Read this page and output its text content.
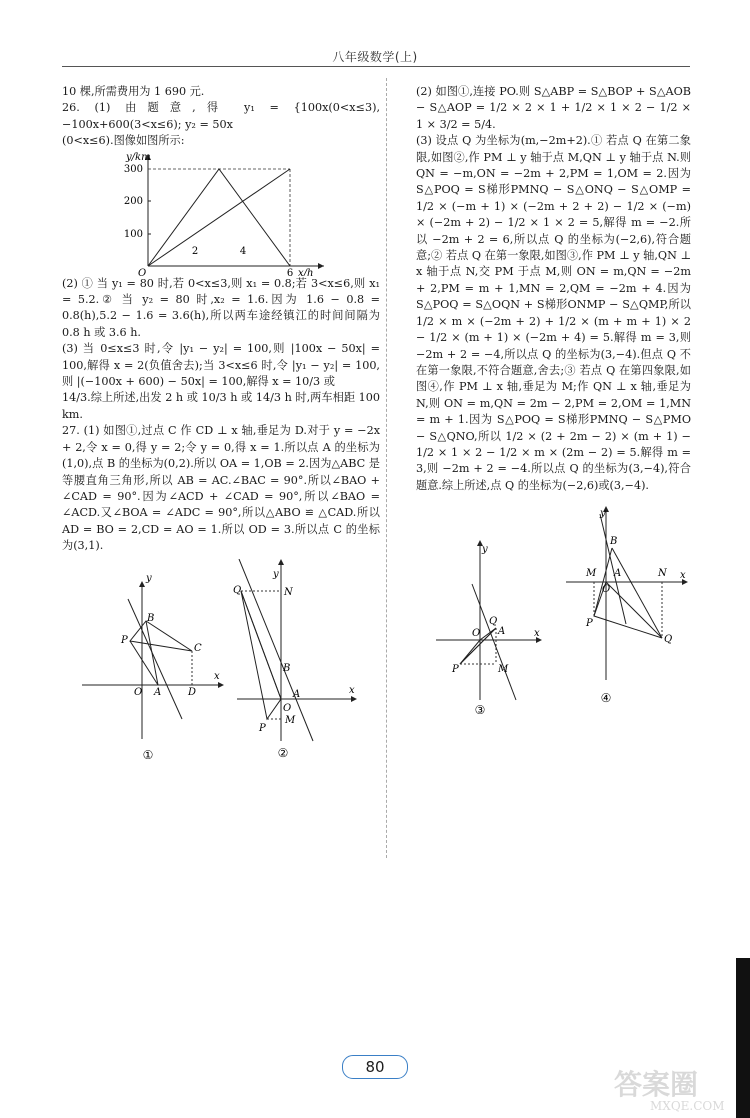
八年级数学(上)

10 棵,所需费用为 1 690 元.

26. (1) 由题意,得 y₁ = {100x(0<x≤3), −100x+600(3<x≤6); y₂ = 50x

(0<x≤6).图像如图所示:

300
200
100
2	4
6
y/km
x/h
O

(2) ① 当 y₁ = 80 时,若 0<x≤3,则 x₁ = 0.8;若 3<x≤6,则 x₁ = 5.2.② 当 y₂ = 80 时,x₂ = 1.6.因为 1.6 − 0.8 = 0.8(h),5.2 − 1.6 = 3.6(h),所以两车途经镇江的时间间隔为 0.8 h 或 3.6 h.

(3) 当 0≤x≤3 时,令 |y₁ − y₂| = 100,则 |100x − 50x| = 100,解得 x = 2(负值舍去);当 3<x≤6 时,令 |y₁ − y₂| = 100,则 |(−100x + 600) − 50x| = 100,解得 x = 10/3 或

14/3.综上所述,出发 2 h 或 10/3 h 或 14/3 h 时,两车相距 100 km.

27. (1) 如图①,过点 C 作 CD ⊥ x 轴,垂足为 D.对于 y = −2x + 2,令 x = 0,得 y = 2;令 y = 0,得 x = 1.所以点 A 的坐标为(1,0),点 B 的坐标为(0,2).所以 OA = 1,OB = 2.因为△ABC 是等腰直角三角形,所以 AB = AC.∠BAC = 90°.所以∠BAO + ∠CAD = 90°.因为∠ACD + ∠CAD = 90°,所以∠BAO = ∠ACD.又∠BOA = ∠ADC = 90°,所以△ABO ≌ △CAD.所以 AD = BO = 2,CD = AO = 1.所以 OD = 3.所以点 C 的坐标为(3,1).

P
B
C
O A	D
y
x
①
Q	N
y
B
A
O
M
P
x
②

(2) 如图①,连接 PO.则 S△ABP = S△BOP + S△AOB − S△AOP = 1/2 × 2 × 1 + 1/2 × 1 × 2 − 1/2 × 1 × 3/2 = 5/4.

(3) 设点 Q 为坐标为(m,−2m+2).① 若点 Q 在第二象限,如图②,作 PM ⊥ y 轴于点 M,QN ⊥ y 轴于点 N.则 QN = −m,ON = −2m + 2,PM = 1,OM = 2.因为 S△POQ = S梯形PMNQ − S△ONQ − S△OMP = 1/2 × (−m + 1) × (−2m + 2 + 2) − 1/2 × (−m) × (−2m + 2) − 1/2 × 1 × 2 = 5,解得 m = −2.所以 −2m + 2 = 6,所以点 Q 的坐标为(−2,6),符合题意;② 若点 Q 在第一象限,如图③,作 PM ⊥ y 轴,QN ⊥ x 轴于点 N,交 PM 于点 M,则 ON = m,QN = −2m + 2,PM = m + 1,MN = 2,QM = −2m + 4.因为 S△POQ = S△OQN + S梯形ONMP − S△QMP,所以 1/2 × m × (−2m + 2) + 1/2 × (m + m + 1) × 2 − 1/2 × (m + 1) × (−2m + 4) = 5.解得 m = 3,则 −2m + 2 = −4,所以点 Q 的坐标为(3,−4).但点 Q 不在第一象限,不符合题意,舍去;③ 若点 Q 在第四象限,如图④,作 PM ⊥ x 轴,垂足为 M;作 QN ⊥ x 轴,垂足为 N,则 ON = m,QN = 2m − 2,PM = 2,OM = 1,MN = m + 1.因为 S△POQ = S梯形PMNQ − S△PMO − S△QNO,所以 1/2 × (2 + 2m − 2) × (m + 1) − 1/2 × 1 × 2 − 1/2 × m × (2m − 2) = 5.解得 m = 3,则 −2m + 2 = −4.所以点 Q 的坐标为(3,−4),符合题意.综上所述,点 Q 的坐标为(−2,6)或(3,−4).

O
Q
A
M
P
y
x
③
B
M
O
A	N
P
Q
y
x
④
80
答案圈
MXQE.COM
